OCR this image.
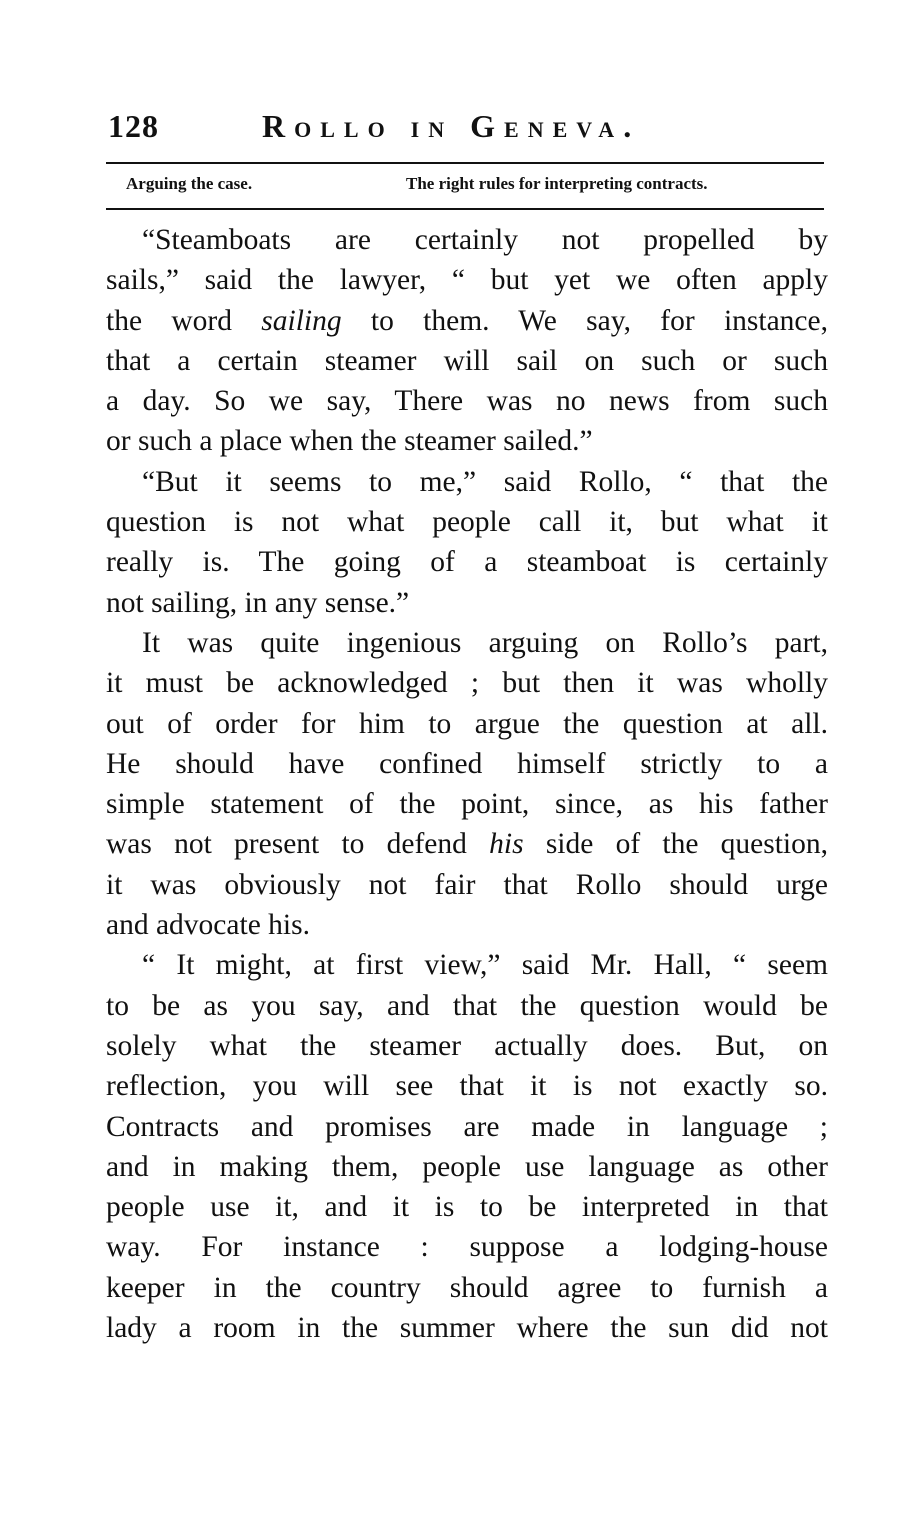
128	Rollo in Geneva.
Arguing the case.	The right rules for interpreting contracts.
“Steamboats are certainly not propelled by
sails,” said the lawyer, “ but yet we often apply
the word sailing to them. We say, for instance,
that a certain steamer will sail on such or such
a day. So we say, There was no news from such
or such a place when the steamer sailed.”
“But it seems to me,” said Rollo, “ that the
question is not what people call it, but what it
really is. The going of a steamboat is certainly
not sailing, in any sense.”
It was quite ingenious arguing on Rollo’s part,
it must be acknowledged ; but then it was wholly
out of order for him to argue the question at all.
He should have confined himself strictly to a
simple statement of the point, since, as his father
was not present to defend his side of the question,
it was obviously not fair that Rollo should urge
and advocate his.
“ It might, at first view,” said Mr. Hall, “ seem
to be as you say, and that the question would be
solely what the steamer actually does. But, on
reflection, you will see that it is not exactly so.
Contracts and promises are made in language ;
and in making them, people use language as other
people use it, and it is to be interpreted in that
way. For instance : suppose a lodging-house
keeper in the country should agree to furnish a
lady a room in the summer where the sun did not
